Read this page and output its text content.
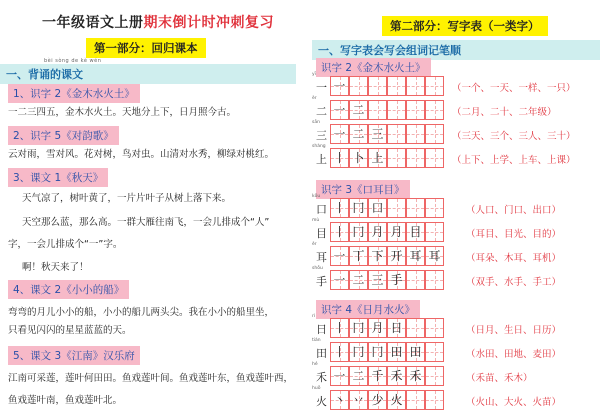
一年级语文上册期末倒计时冲刺复习
第一部分：回归课本
bèi sòng de kè wén
一、背诵的课文
1、识字 2《金木水火土》
一二三四五，金木水火土。天地分上下，日月照今古。
2、识字 5《对韵歌》
云对雨，雪对风。花对树，鸟对虫。山清对水秀，柳绿对桃红。
3、课文 1《秋天》
天气凉了，树叶黄了，一片片叶子从树上落下来。
天空那么蓝，那么高。一群大雁往南飞，一会儿排成个“人”
字，一会儿排成个“一”字。
啊！秋天来了！
4、课文 2《小小的船》
弯弯的月儿小小的船，小小的船儿两头尖。我在小小的船里坐，
只看见闪闪的星星蓝蓝的天。
5、课文 3《江南》汉乐府
江南可采莲，莲叶何田田。鱼戏莲叶间。鱼戏莲叶东，鱼戏莲叶西，
鱼戏莲叶南，鱼戏莲叶北。
第二部分：写字表（一类字）
一、写字表会写会组词记笔顺
识字 2《金木水火土》
yī
一 一	（一个、一天、一样、一只）
èr
二 一 二	（二月、二十、二年级）
sān
三 一 二 三	（三天、三个、三人、三十）
shàng
上 丨 卜 上	（上下、上学、上车、上课）
识字 3《口耳目》
kǒu
口 丨 冂 口	（人口、门口、出口）
mù
目 丨 冂 月 月 目	（耳目、目光、目的）
ěr
耳 一 丅 下 开 耳 耳	（耳朵、木耳、耳机）
shǒu
手 一 二 三 手	（双手、水手、手工）
识字 4《日月水火》
rì
日 丨 冂 月 日	（日月、生日、日历）
tián
田 丨 冂 冂 田 田	（水田、田地、麦田）
hé
禾 一 二 千 禾 禾	（禾苗、禾木）
huǒ
火 丶 丷 少 火	（火山、大火、火苗）
